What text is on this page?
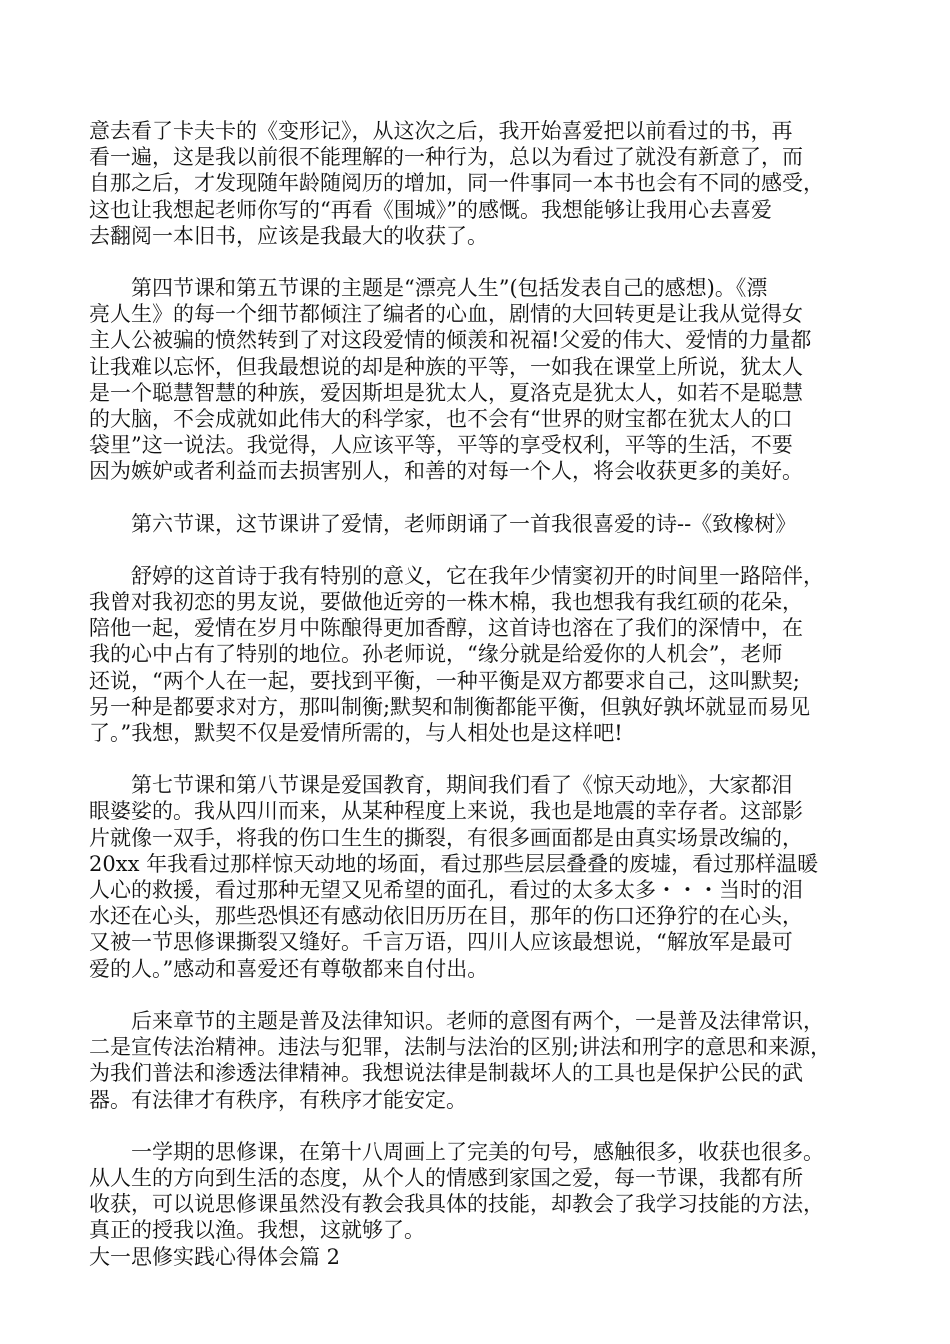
意去看了卡夫卡的《变形记》，从这次之后，我开始喜爱把以前看过的书，再
看一遍，这是我以前很不能理解的一种行为，总以为看过了就没有新意了，而
自那之后，才发现随年龄随阅历的增加，同一件事同一本书也会有不同的感受，
这也让我想起老师你写的“再看《围城》”的感慨。我想能够让我用心去喜爱
去翻阅一本旧书，应该是我最大的收获了。
第四节课和第五节课的主题是“漂亮人生”(包括发表自己的感想)。《漂
亮人生》的每一个细节都倾注了编者的心血，剧情的大回转更是让我从觉得女
主人公被骗的愤然转到了对这段爱情的倾羡和祝福!父爱的伟大、爱情的力量都
让我难以忘怀，但我最想说的却是种族的平等，一如我在课堂上所说，犹太人
是一个聪慧智慧的种族，爱因斯坦是犹太人，夏洛克是犹太人，如若不是聪慧
的大脑，不会成就如此伟大的科学家，也不会有“世界的财宝都在犹太人的口
袋里”这一说法。我觉得，人应该平等，平等的享受权利，平等的生活，不要
因为嫉妒或者利益而去损害别人，和善的对每一个人，将会收获更多的美好。
第六节课，这节课讲了爱情，老师朗诵了一首我很喜爱的诗--《致橡树》
舒婷的这首诗于我有特别的意义，它在我年少情窦初开的时间里一路陪伴，
我曾对我初恋的男友说，要做他近旁的一株木棉，我也想我有我红硕的花朵，
陪他一起，爱情在岁月中陈酿得更加香醇，这首诗也溶在了我们的深情中，在
我的心中占有了特别的地位。孙老师说，“缘分就是给爱你的人机会”，老师
还说，“两个人在一起，要找到平衡，一种平衡是双方都要求自己，这叫默契;
另一种是都要求对方，那叫制衡;默契和制衡都能平衡，但孰好孰坏就显而易见
了。”我想，默契不仅是爱情所需的，与人相处也是这样吧!
第七节课和第八节课是爱国教育，期间我们看了《惊天动地》，大家都泪
眼婆娑的。我从四川而来，从某种程度上来说，我也是地震的幸存者。这部影
片就像一双手，将我的伤口生生的撕裂，有很多画面都是由真实场景改编的，
20xx 年我看过那样惊天动地的场面，看过那些层层叠叠的废墟，看过那样温暖
人心的救援，看过那种无望又见希望的面孔，看过的太多太多・・・当时的泪
水还在心头，那些恐惧还有感动依旧历历在目，那年的伤口还狰狞的在心头，
又被一节思修课撕裂又缝好。千言万语，四川人应该最想说，“解放军是最可
爱的人。”感动和喜爱还有尊敬都来自付出。
后来章节的主题是普及法律知识。老师的意图有两个，一是普及法律常识，
二是宣传法治精神。违法与犯罪，法制与法治的区别;讲法和刑字的意思和来源，
为我们普法和渗透法律精神。我想说法律是制裁坏人的工具也是保护公民的武
器。有法律才有秩序，有秩序才能安定。
一学期的思修课，在第十八周画上了完美的句号，感触很多，收获也很多。
从人生的方向到生活的态度，从个人的情感到家国之爱，每一节课，我都有所
收获，可以说思修课虽然没有教会我具体的技能，却教会了我学习技能的方法，
真正的授我以渔。我想，这就够了。
大一思修实践心得体会篇 2
